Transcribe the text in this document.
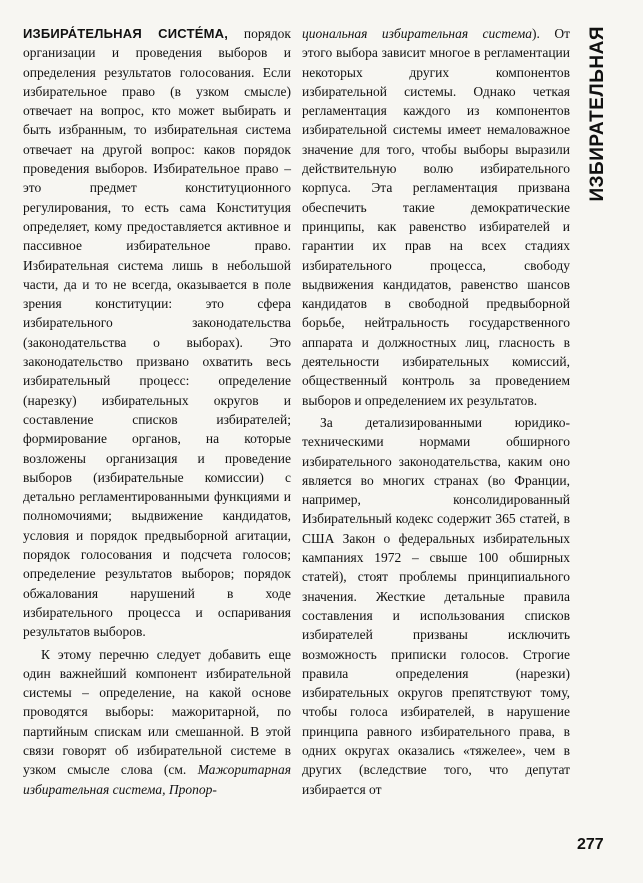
ИЗБИРА́ТЕЛЬНАЯ СИСТЕ́МА, порядок организации и проведения выборов и определения результатов голосования. Если избирательное право (в узком смысле) отвечает на вопрос, кто может выбирать и быть избранным, то избирательная система отвечает на другой вопрос: каков порядок проведения выборов. Избирательное право – это предмет конституционного регулирования, то есть сама Конституция определяет, кому предоставляется активное и пассивное избирательное право. Избирательная система лишь в небольшой части, да и то не всегда, оказывается в поле зрения конституции: это сфера избирательного законодательства (законодательства о выборах). Это законодательство призвано охватить весь избирательный процесс: определение (нарезку) избирательных округов и составление списков избирателей; формирование органов, на которые возложены организация и проведение выборов (избирательные комиссии) с детально регламентированными функциями и полномочиями; выдвижение кандидатов, условия и порядок предвыборной агитации, порядок голосования и подсчета голосов; определение результатов выборов; порядок обжалования нарушений в ходе избирательного процесса и оспаривания результатов выборов.

К этому перечню следует добавить еще один важнейший компонент избирательной системы – определение, на какой основе проводятся выборы: мажоритарной, по партийным спискам или смешанной. В этой связи говорят об избирательной системе в узком смысле слова (см. Мажоритарная избирательная система, Пропор-

циональная избирательная система). От этого выбора зависит многое в регламентации некоторых других компонентов избирательной системы. Однако четкая регламентация каждого из компонентов избирательной системы имеет немаловажное значение для того, чтобы выборы выразили действительную волю избирательного корпуса. Эта регламентация призвана обеспечить такие демократические принципы, как равенство избирателей и гарантии их прав на всех стадиях избирательного процесса, свободу выдвижения кандидатов, равенство шансов кандидатов в свободной предвыборной борьбе, нейтральность государственного аппарата и должностных лиц, гласность в деятельности избирательных комиссий, общественный контроль за проведением выборов и определением их результатов.

За детализированными юридико-техническими нормами обширного избирательного законодательства, каким оно является во многих странах (во Франции, например, консолидированный Избирательный кодекс содержит 365 статей, в США Закон о федеральных избирательных кампаниях 1972 – свыше 100 обширных статей), стоят проблемы принципиального значения. Жесткие детальные правила составления и использования списков избирателей призваны исключить возможность приписки голосов. Строгие правила определения (нарезки) избирательных округов препятствуют тому, чтобы голоса избирателей, в нарушение принципа равного избирательного права, в одних округах оказались «тяжелее», чем в других (вследствие того, что депутат избирается от

ИЗБИРАТЕЛЬНАЯ
277
